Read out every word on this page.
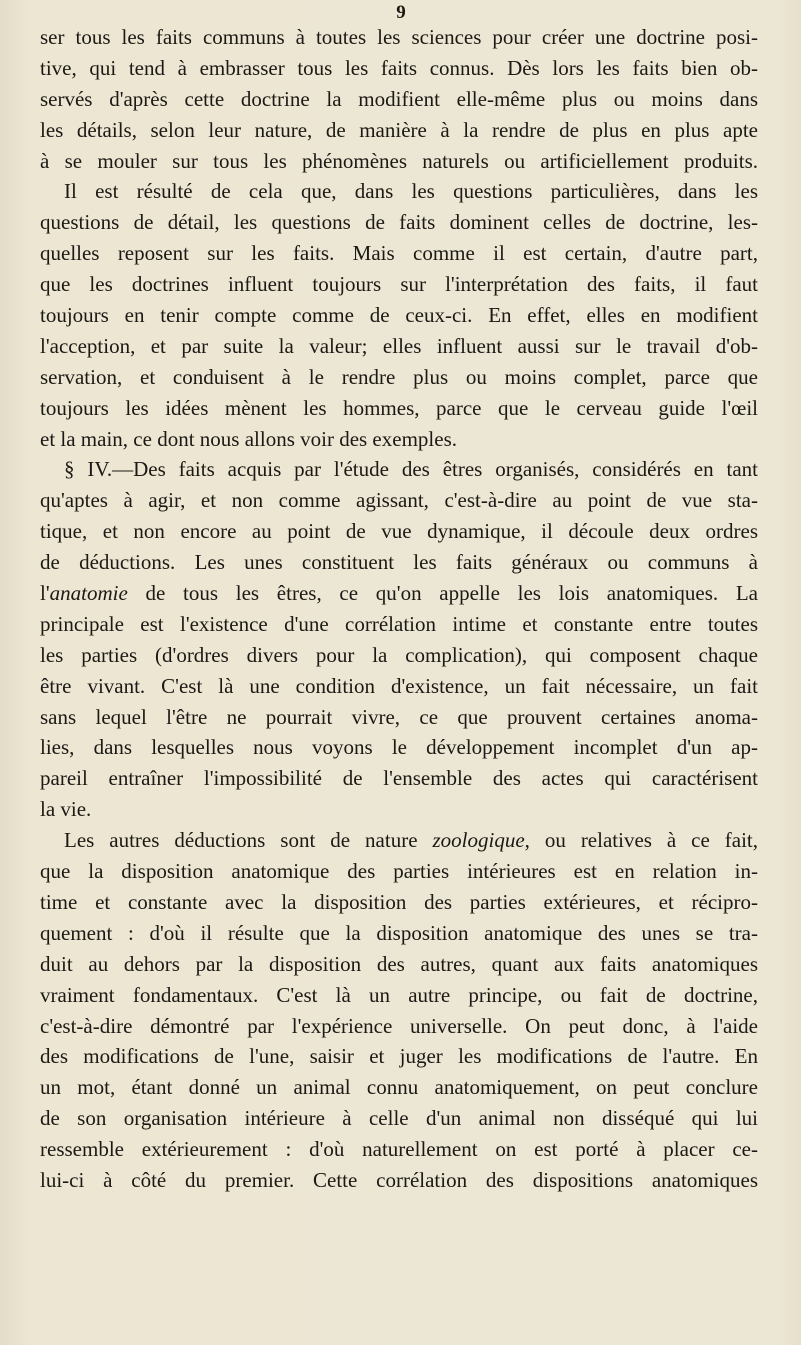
9
ser tous les faits communs à toutes les sciences pour créer une doctrine posi-
tive, qui tend à embrasser tous les faits connus. Dès lors les faits bien ob-
servés d'après cette doctrine la modifient elle-même plus ou moins dans
les détails, selon leur nature, de manière à la rendre de plus en plus apte
à se mouler sur tous les phénomènes naturels ou artificiellement produits.
Il est résulté de cela que, dans les questions particulières, dans les
questions de détail, les questions de faits dominent celles de doctrine, les-
quelles reposent sur les faits. Mais comme il est certain, d'autre part,
que les doctrines influent toujours sur l'interprétation des faits, il faut
toujours en tenir compte comme de ceux-ci. En effet, elles en modifient
l'acception, et par suite la valeur; elles influent aussi sur le travail d'ob-
servation, et conduisent à le rendre plus ou moins complet, parce que
toujours les idées mènent les hommes, parce que le cerveau guide l'œil
et la main, ce dont nous allons voir des exemples.
§ IV.—Des faits acquis par l'étude des êtres organisés, considérés en tant
qu'aptes à agir, et non comme agissant, c'est-à-dire au point de vue sta-
tique, et non encore au point de vue dynamique, il découle deux ordres
de déductions. Les unes constituent les faits généraux ou communs à
l'anatomie de tous les êtres, ce qu'on appelle les lois anatomiques. La
principale est l'existence d'une corrélation intime et constante entre toutes
les parties (d'ordres divers pour la complication), qui composent chaque
être vivant. C'est là une condition d'existence, un fait nécessaire, un fait
sans lequel l'être ne pourrait vivre, ce que prouvent certaines anoma-
lies, dans lesquelles nous voyons le développement incomplet d'un ap-
pareil entraîner l'impossibilité de l'ensemble des actes qui caractérisent
la vie.
Les autres déductions sont de nature zoologique, ou relatives à ce fait,
que la disposition anatomique des parties intérieures est en relation in-
time et constante avec la disposition des parties extérieures, et récipro-
quement : d'où il résulte que la disposition anatomique des unes se tra-
duit au dehors par la disposition des autres, quant aux faits anatomiques
vraiment fondamentaux. C'est là un autre principe, ou fait de doctrine,
c'est-à-dire démontré par l'expérience universelle. On peut donc, à l'aide
des modifications de l'une, saisir et juger les modifications de l'autre. En
un mot, étant donné un animal connu anatomiquement, on peut conclure
de son organisation intérieure à celle d'un animal non disséqué qui lui
ressemble extérieurement : d'où naturellement on est porté à placer ce-
lui-ci à côté du premier. Cette corrélation des dispositions anatomiques
